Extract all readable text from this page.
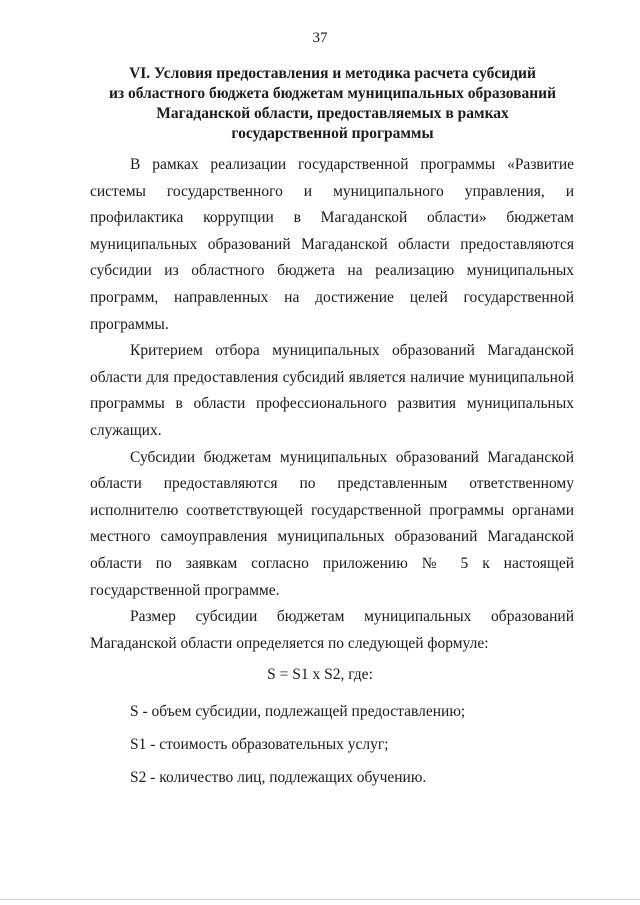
37
VI. Условия предоставления и методика расчета субсидий
из областного бюджета бюджетам муниципальных образований
Магаданской области, предоставляемых в рамках
государственной программы

В рамках реализации государственной программы «Развитие системы государственного и муниципального управления, и профилактика коррупции в Магаданской области» бюджетам муниципальных образований Магаданской области предоставляются субсидии из областного бюджета на реализацию муниципальных программ, направленных на достижение целей государственной программы.

Критерием отбора муниципальных образований Магаданской области для предоставления субсидий является наличие муниципальной программы в области профессионального развития муниципальных служащих.

Субсидии бюджетам муниципальных образований Магаданской области предоставляются по представленным ответственному исполнителю соответствующей государственной программы органами местного самоуправления муниципальных образований Магаданской области по заявкам согласно приложению № 5 к настоящей государственной программе.

Размер субсидии бюджетам муниципальных образований Магаданской области определяется по следующей формуле:

S = S1 x S2, где:
S - объем субсидии, подлежащей предоставлению;
S1 - стоимость образовательных услуг;
S2 - количество лиц, подлежащих обучению.
